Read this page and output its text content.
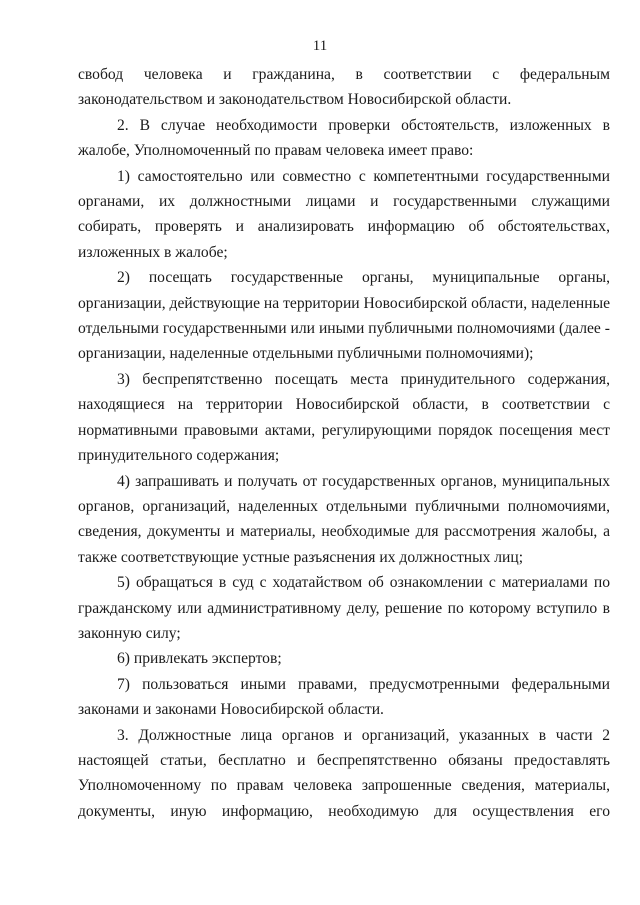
11

свобод человека и гражданина, в соответствии с федеральным законодательством и законодательством Новосибирской области.

2. В случае необходимости проверки обстоятельств, изложенных в жалобе, Уполномоченный по правам человека имеет право:

1) самостоятельно или совместно с компетентными государственными органами, их должностными лицами и государственными служащими собирать, проверять и анализировать информацию об обстоятельствах, изложенных в жалобе;

2) посещать государственные органы, муниципальные органы, организации, действующие на территории Новосибирской области, наделенные отдельными государственными или иными публичными полномочиями (далее - организации, наделенные отдельными публичными полномочиями);

3) беспрепятственно посещать места принудительного содержания, находящиеся на территории Новосибирской области, в соответствии с нормативными правовыми актами, регулирующими порядок посещения мест принудительного содержания;

4) запрашивать и получать от государственных органов, муниципальных органов, организаций, наделенных отдельными публичными полномочиями, сведения, документы и материалы, необходимые для рассмотрения жалобы, а также соответствующие устные разъяснения их должностных лиц;

5) обращаться в суд с ходатайством об ознакомлении с материалами по гражданскому или административному делу, решение по которому вступило в законную силу;

6) привлекать экспертов;

7) пользоваться иными правами, предусмотренными федеральными законами и законами Новосибирской области.

3. Должностные лица органов и организаций, указанных в части 2 настоящей статьи, бесплатно и беспрепятственно обязаны предоставлять Уполномоченному по правам человека запрошенные сведения, материалы, документы, иную информацию, необходимую для осуществления его
